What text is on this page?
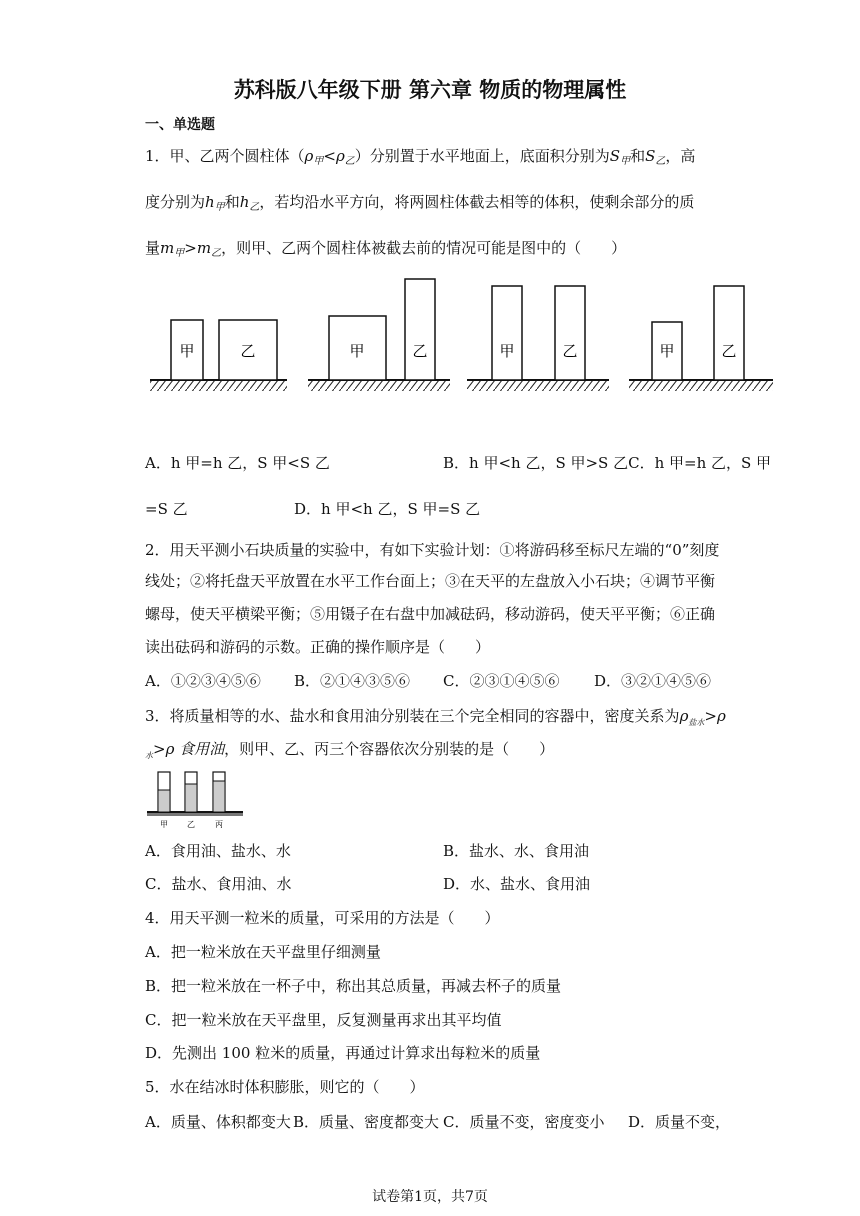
苏科版八年级下册 第六章 物质的物理属性
一、单选题
1．甲、乙两个圆柱体$(\rho_甲<\rho_乙)$分别置于水平地面上，底面积分别为$S_甲$和$S_乙$，高
度分别为$h_甲$和$h_乙$，若均沿水平方向，将两圆柱体截去相等的体积，使剩余部分的质
量$m_甲>m_乙$，则甲、乙两个圆柱体被截去前的情况可能是图中的（　　）
甲	乙	甲	乙	甲	乙	甲	乙
A．h 甲=h 乙，S 甲<S 乙	B．h 甲<h 乙，S 甲>S 乙C．h 甲=h 乙，S 甲
=S 乙	D．h 甲<h 乙，S 甲=S 乙
2．用天平测小石块质量的实验中，有如下实验计划：①将游码移至标尺左端的“0”刻度
线处；②将托盘天平放置在水平工作台面上；③在天平的左盘放入小石块；④调节平衡
螺母，使天平横梁平衡；⑤用镊子在右盘中加减砝码，移动游码，使天平平衡；⑥正确
读出砝码和游码的示数。正确的操作顺序是（　　）
A．①②③④⑤⑥ B．②①④③⑤⑥ C．②③①④⑤⑥ D．③②①④⑤⑥
3．将质量相等的水、盐水和食用油分别装在三个完全相同的容器中，密度关系为$\rho_{盐水}>\rho$
$_水$>ρ 食用油，则甲、乙、丙三个容器依次分别装的是（　　）
甲 乙	丙
A．食用油、盐水、水	B．盐水、水、食用油
C．盐水、食用油、水	D．水、盐水、食用油
4．用天平测一粒米的质量，可采用的方法是（　　）
A．把一粒米放在天平盘里仔细测量
B．把一粒米放在一杯子中，称出其总质量，再减去杯子的质量
C．把一粒米放在天平盘里，反复测量再求出其平均值
D．先测出 100 粒米的质量，再通过计算求出每粒米的质量
5．水在结冰时体积膨胀，则它的（　　）
A．质量、体积都变大 B．质量、密度都变大 C．质量不变，密度变小 D．质量不变，
试卷第1页，共7页
